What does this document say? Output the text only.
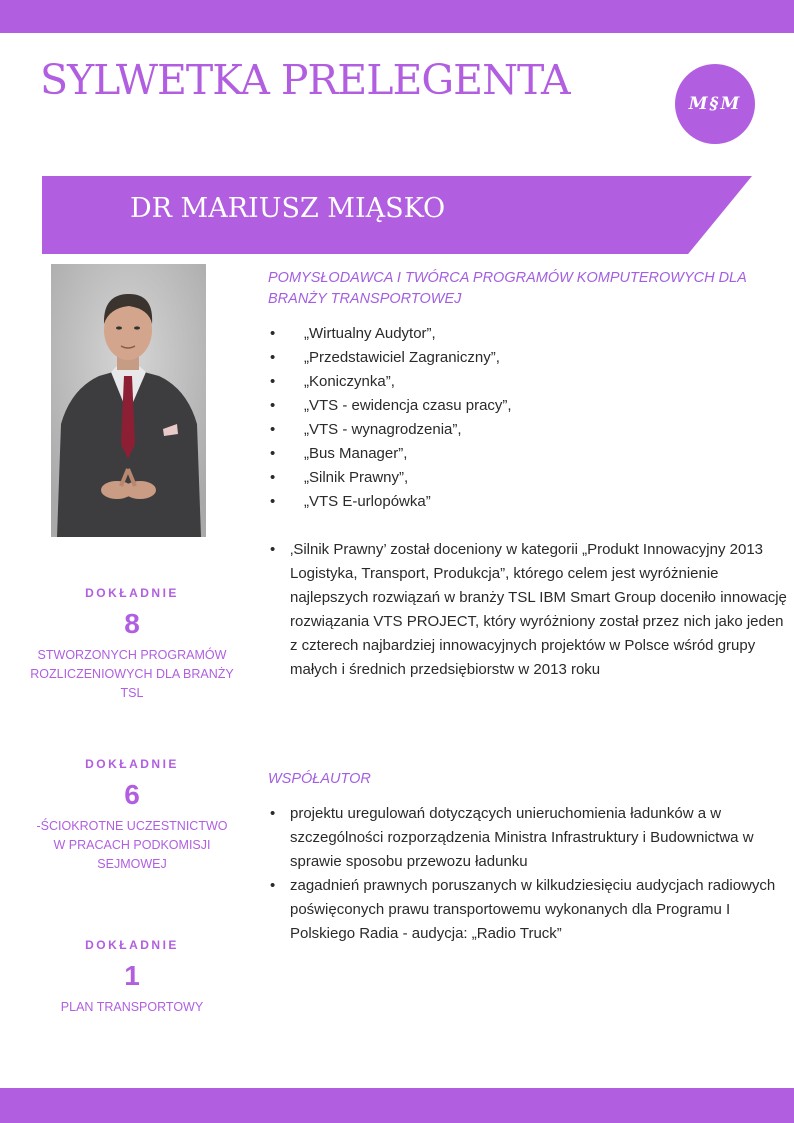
SYLWETKA PRELEGENTA	M§M
DR MARIUSZ MIĄSKO
DOKŁADNIE
8
STWORZONYCH PROGRAMÓW ROZLICZENIOWYCH DLA BRANŻY TSL
DOKŁADNIE
6
-ŚCIOKROTNE UCZESTNICTWO W PRACACH PODKOMISJI SEJMOWEJ
DOKŁADNIE
1
PLAN TRANSPORTOWY
POMYSŁODAWCA I TWÓRCA PROGRAMÓW KOMPUTEROWYCH DLA BRANŻY TRANSPORTOWEJ
• „Wirtualny Audytor”,
• „Przedstawiciel Zagraniczny”,
• „Koniczynka”,
• „VTS - ewidencja czasu pracy”,
• „VTS - wynagrodzenia”,
• „Bus Manager”,
• „Silnik Prawny”,
• „VTS E-urlopówka”
• ‚Silnik Prawny’ został doceniony w kategorii „Produkt Innowacyjny 2013 Logistyka, Transport, Produkcja”, którego celem jest wyróżnienie najlepszych rozwiązań w branży TSL IBM Smart Group doceniło innowację rozwiązania VTS PROJECT, który wyróżniony został przez nich jako jeden z czterech najbardziej innowacyjnych projektów w Polsce wśród grupy małych i średnich przedsiębiorstw w 2013 roku
WSPÓŁAUTOR
• projektu uregulowań dotyczących unieruchomienia ładunków a w szczególności rozporządzenia Ministra Infrastruktury i Budownictwa w sprawie sposobu przewozu ładunku
• zagadnień prawnych poruszanych w kilkudziesięciu audycjach radiowych poświęconych prawu transportowemu wykonanych dla Programu I Polskiego Radia - audycja: „Radio Truck”
